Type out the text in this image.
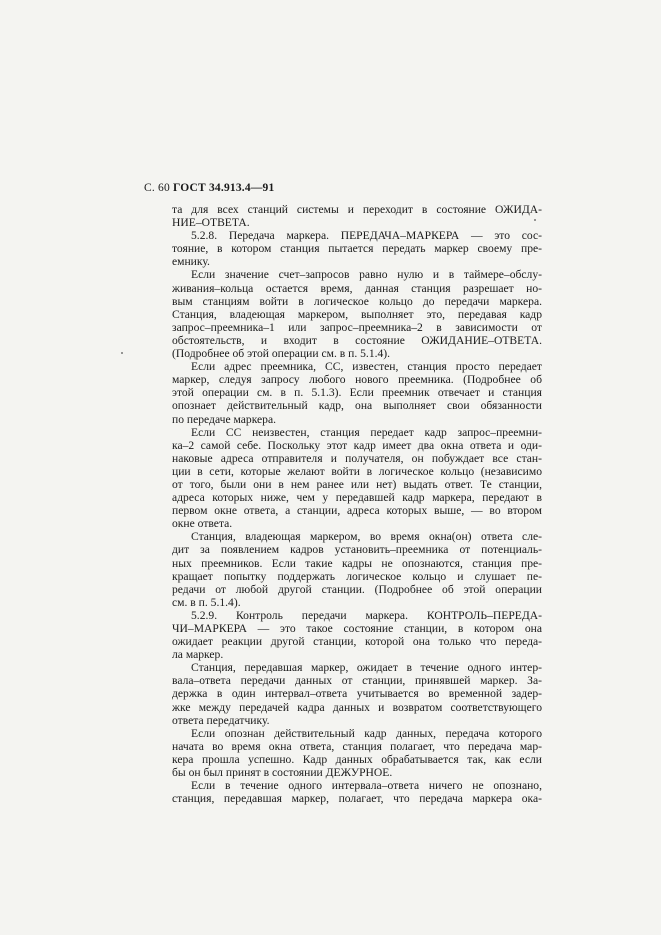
С. 60 ГОСТ 34.913.4—91
та для всех станций системы и переходит в состояние ОЖИДА-
НИЕ–ОТВЕТА.
5.2.8. Передача маркера. ПЕРЕДАЧА–МАРКЕРА — это сос-
тояние, в котором станция пытается передать маркер своему пре-
емнику.
Если значение счет–запросов равно нулю и в таймере–обслу-
живания–кольца остается время, данная станция разрешает но-
вым станциям войти в логическое кольцо до передачи маркера.
Станция, владеющая маркером, выполняет это, передавая кадр
запрос–преемника–1 или запрос–преемника–2 в зависимости от
обстоятельств, и входит в состояние ОЖИДАНИЕ–ОТВЕТА.
(Подробнее об этой операции см. в п. 5.1.4).
Если адрес преемника, СС, известен, станция просто передает
маркер, следуя запросу любого нового преемника. (Подробнее об
этой операции см. в п. 5.1.3). Если преемник отвечает и станция
опознает действительный кадр, она выполняет свои обязанности
по передаче маркера.
Если СС неизвестен, станция передает кадр запрос–преемни-
ка–2 самой себе. Поскольку этот кадр имеет два окна ответа и оди-
наковые адреса отправителя и получателя, он побуждает все стан-
ции в сети, которые желают войти в логическое кольцо (независимо
от того, были они в нем ранее или нет) выдать ответ. Те станции,
адреса которых ниже, чем у передавшей кадр маркера, передают в
первом окне ответа, а станции, адреса которых выше, — во втором
окне ответа.
Станция, владеющая маркером, во время окна(он) ответа сле-
дит за появлением кадров установить–преемника от потенциаль-
ных преемников. Если такие кадры не опознаются, станция пре-
кращает попытку поддержать логическое кольцо и слушает пе-
редачи от любой другой станции. (Подробнее об этой операции
см. в п. 5.1.4).
5.2.9. Контроль передачи маркера. КОНТРОЛЬ–ПЕРЕДА-
ЧИ–МАРКЕРА — это такое состояние станции, в котором она
ожидает реакции другой станции, которой она только что переда-
ла маркер.
Станция, передавшая маркер, ожидает в течение одного интер-
вала–ответа передачи данных от станции, принявшей маркер. За-
держка в один интервал–ответа учитывается во временной задер-
жке между передачей кадра данных и возвратом соответствующего
ответа передатчику.
Если опознан действительный кадр данных, передача которого
начата во время окна ответа, станция полагает, что передача мар-
кера прошла успешно. Кадр данных обрабатывается так, как если
бы он был принят в состоянии ДЕЖУРНОЕ.
Если в течение одного интервала–ответа ничего не опознано,
станция, передавшая маркер, полагает, что передача маркера ока-
